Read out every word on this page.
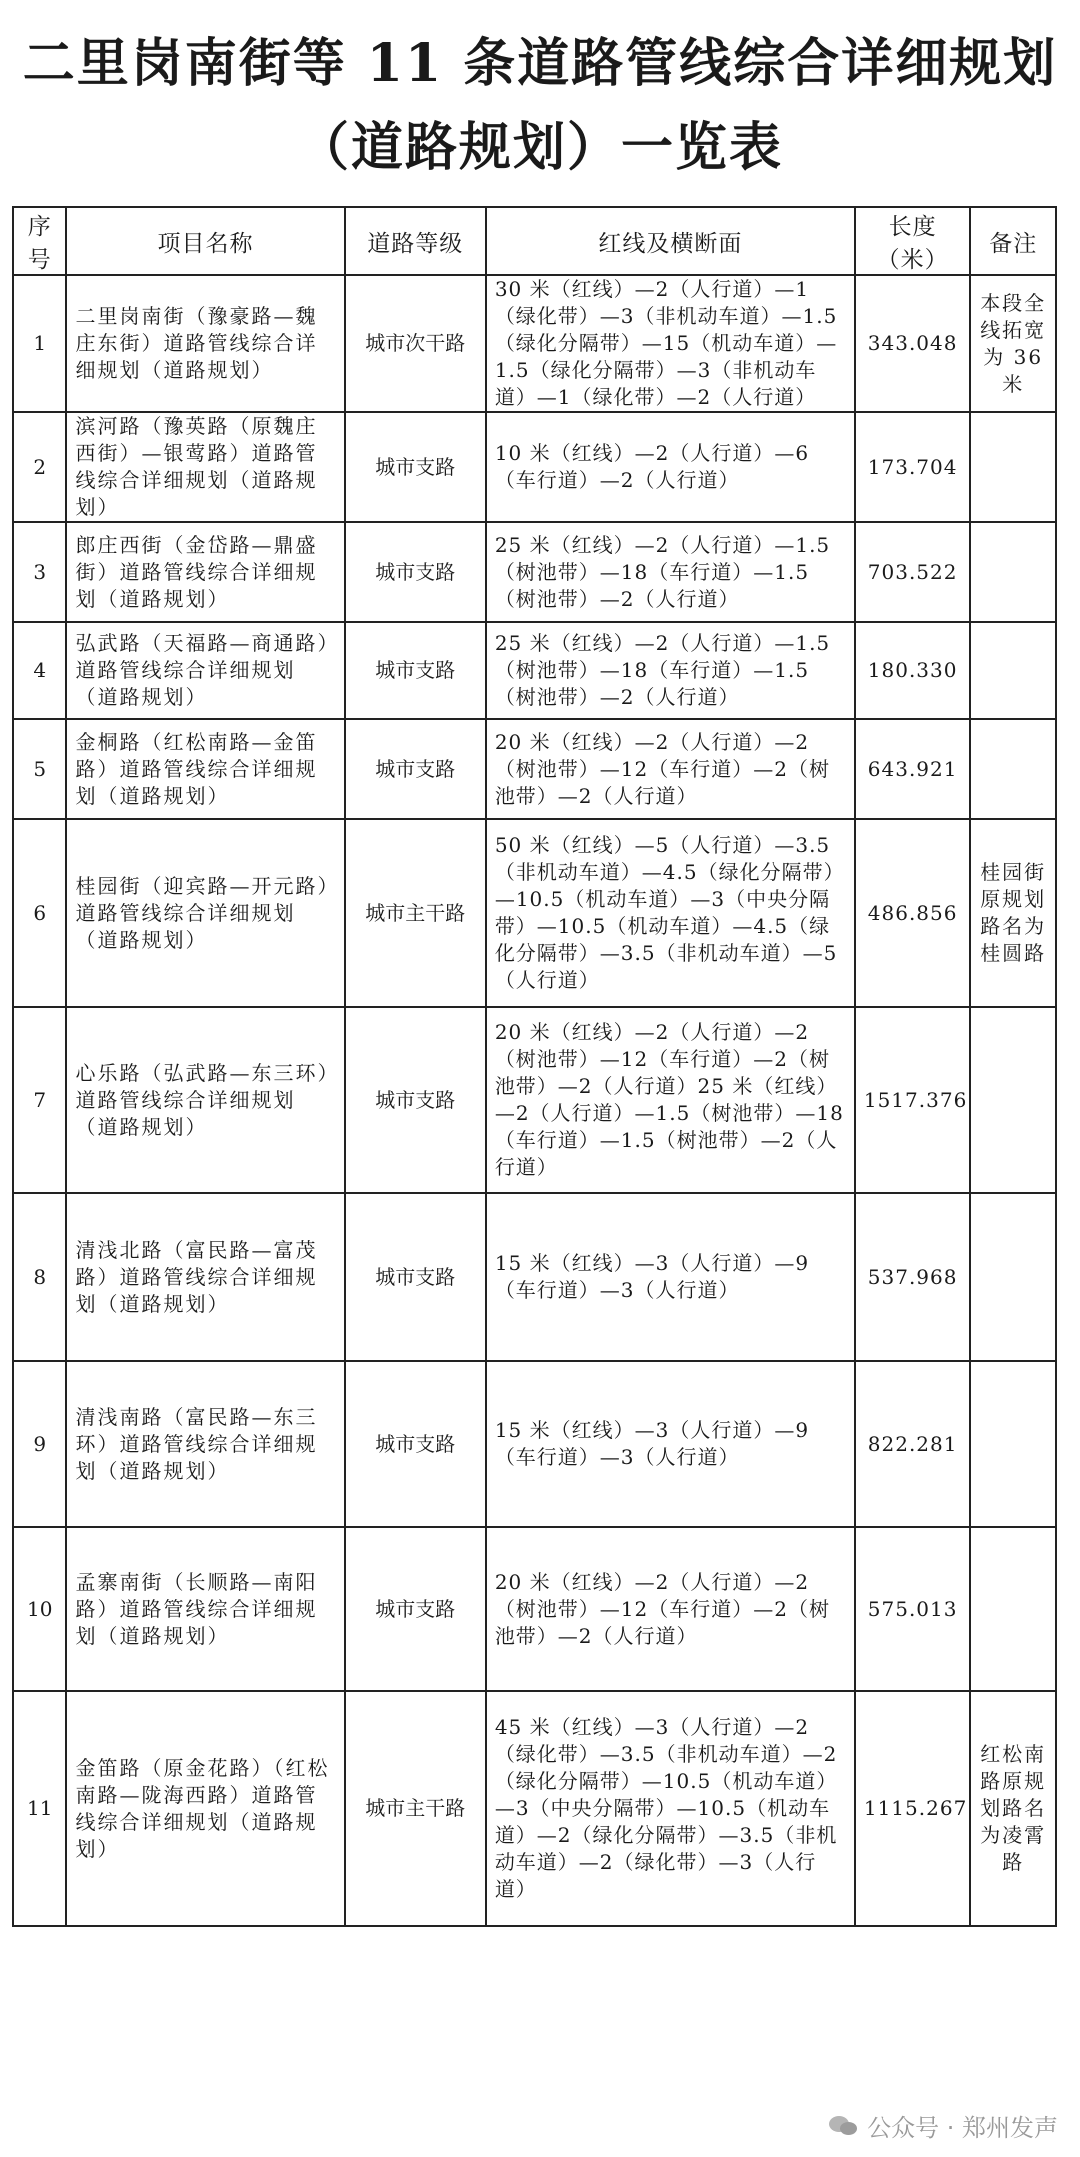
二里岗南街等 11 条道路管线综合详细规划
（道路规划）一览表
序号	项目名称	道路等级	红线及横断面	长度（米）	备注
1	二里岗南街（豫豪路—魏庄东街）道路管线综合详细规划（道路规划）	城市次干路	30 米（红线）—2（人行道）—1（绿化带）—3（非机动车道）—1.5（绿化分隔带）—15（机动车道）—1.5（绿化分隔带）—3（非机动车道）—1（绿化带）—2（人行道）	343.048	本段全线拓宽为 36 米
2	滨河路（豫英路（原魏庄西街）—银莺路）道路管线综合详细规划（道路规划）	城市支路	10 米（红线）—2（人行道）—6（车行道）—2（人行道）	173.704	
3	郎庄西街（金岱路—鼎盛街）道路管线综合详细规划（道路规划）	城市支路	25 米（红线）—2（人行道）—1.5（树池带）—18（车行道）—1.5（树池带）—2（人行道）	703.522	
4	弘武路（天福路—商通路）道路管线综合详细规划（道路规划）	城市支路	25 米（红线）—2（人行道）—1.5（树池带）—18（车行道）—1.5（树池带）—2（人行道）	180.330	
5	金桐路（红松南路—金笛路）道路管线综合详细规划（道路规划）	城市支路	20 米（红线）—2（人行道）—2（树池带）—12（车行道）—2（树池带）—2（人行道）	643.921	
6	桂园街（迎宾路—开元路）道路管线综合详细规划（道路规划）	城市主干路	50 米（红线）—5（人行道）—3.5（非机动车道）—4.5（绿化分隔带）—10.5（机动车道）—3（中央分隔带）—10.5（机动车道）—4.5（绿化分隔带）—3.5（非机动车道）—5（人行道）	486.856	桂园街原规划路名为桂圆路
7	心乐路（弘武路—东三环）道路管线综合详细规划（道路规划）	城市支路	20 米（红线）—2（人行道）—2（树池带）—12（车行道）—2（树池带）—2（人行道）25 米（红线）—2（人行道）—1.5（树池带）—18（车行道）—1.5（树池带）—2（人行道）	1517.376	
8	清浅北路（富民路—富茂路）道路管线综合详细规划（道路规划）	城市支路	15 米（红线）—3（人行道）—9（车行道）—3（人行道）	537.968	
9	清浅南路（富民路—东三环）道路管线综合详细规划（道路规划）	城市支路	15 米（红线）—3（人行道）—9（车行道）—3（人行道）	822.281	
10	孟寨南街（长顺路—南阳路）道路管线综合详细规划（道路规划）	城市支路	20 米（红线）—2（人行道）—2（树池带）—12（车行道）—2（树池带）—2（人行道）	575.013	
11	金笛路（原金花路）（红松南路—陇海西路）道路管线综合详细规划（道路规划）	城市主干路	45 米（红线）—3（人行道）—2（绿化带）—3.5（非机动车道）—2（绿化分隔带）—10.5（机动车道）—3（中央分隔带）—10.5（机动车道）—2（绿化分隔带）—3.5（非机动车道）—2（绿化带）—3（人行道）	1115.267	红松南路原规划路名为凌霄路
公众号 · 郑州发声
